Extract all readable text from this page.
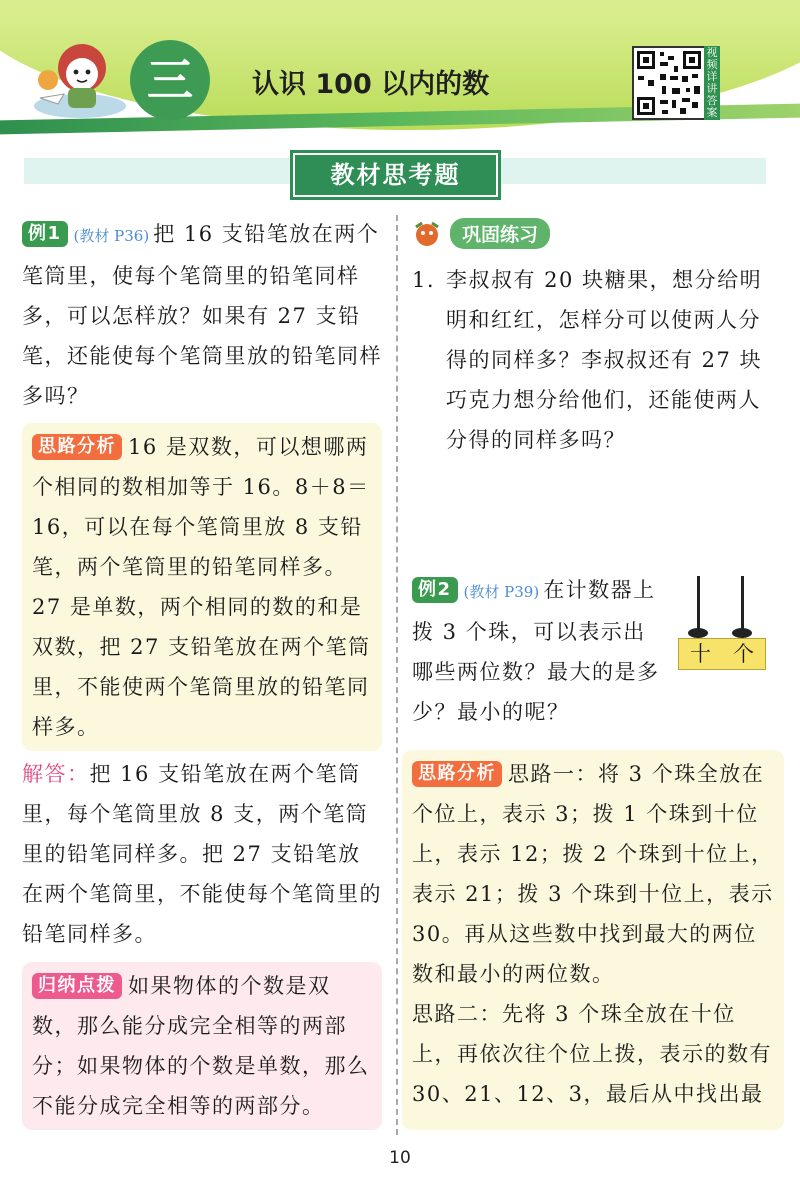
三	认识 100 以内的数
视频详讲答案
教材思考题
例1 (教材 P36) 把 16 支铅笔放在两个笔筒里，使每个笔筒里的铅笔同样多，可以怎样放？如果有 27 支铅笔，还能使每个笔筒里放的铅笔同样多吗？
思路分析 16 是双数，可以想哪两个相同的数相加等于 16。8＋8＝16，可以在每个笔筒里放 8 支铅笔，两个笔筒里的铅笔同样多。27 是单数，两个相同的数的和是双数，把 27 支铅笔放在两个笔筒里，不能使两个笔筒里放的铅笔同样多。
解答：把 16 支铅笔放在两个笔筒里，每个笔筒里放 8 支，两个笔筒里的铅笔同样多。把 27 支铅笔放在两个笔筒里，不能使每个笔筒里的铅笔同样多。
归纳点拨 如果物体的个数是双数，那么能分成完全相等的两部分；如果物体的个数是单数，那么不能分成完全相等的两部分。
巩固练习
1. 李叔叔有 20 块糖果，想分给明明和红红，怎样分可以使两人分得的同样多？李叔叔还有 27 块巧克力想分给他们，还能使两人分得的同样多吗？
例2 (教材 P39) 在计数器上拨 3 个珠，可以表示出哪些两位数？最大的是多少？最小的呢？
十	个
思路分析 思路一：将 3 个珠全放在个位上，表示 3；拨 1 个珠到十位上，表示 12；拨 2 个珠到十位上，表示 21；拨 3 个珠到十位上，表示 30。再从这些数中找到最大的两位数和最小的两位数。
思路二：先将 3 个珠全放在十位上，再依次往个位上拨，表示的数有 30、21、12、3，最后从中找出最
10
